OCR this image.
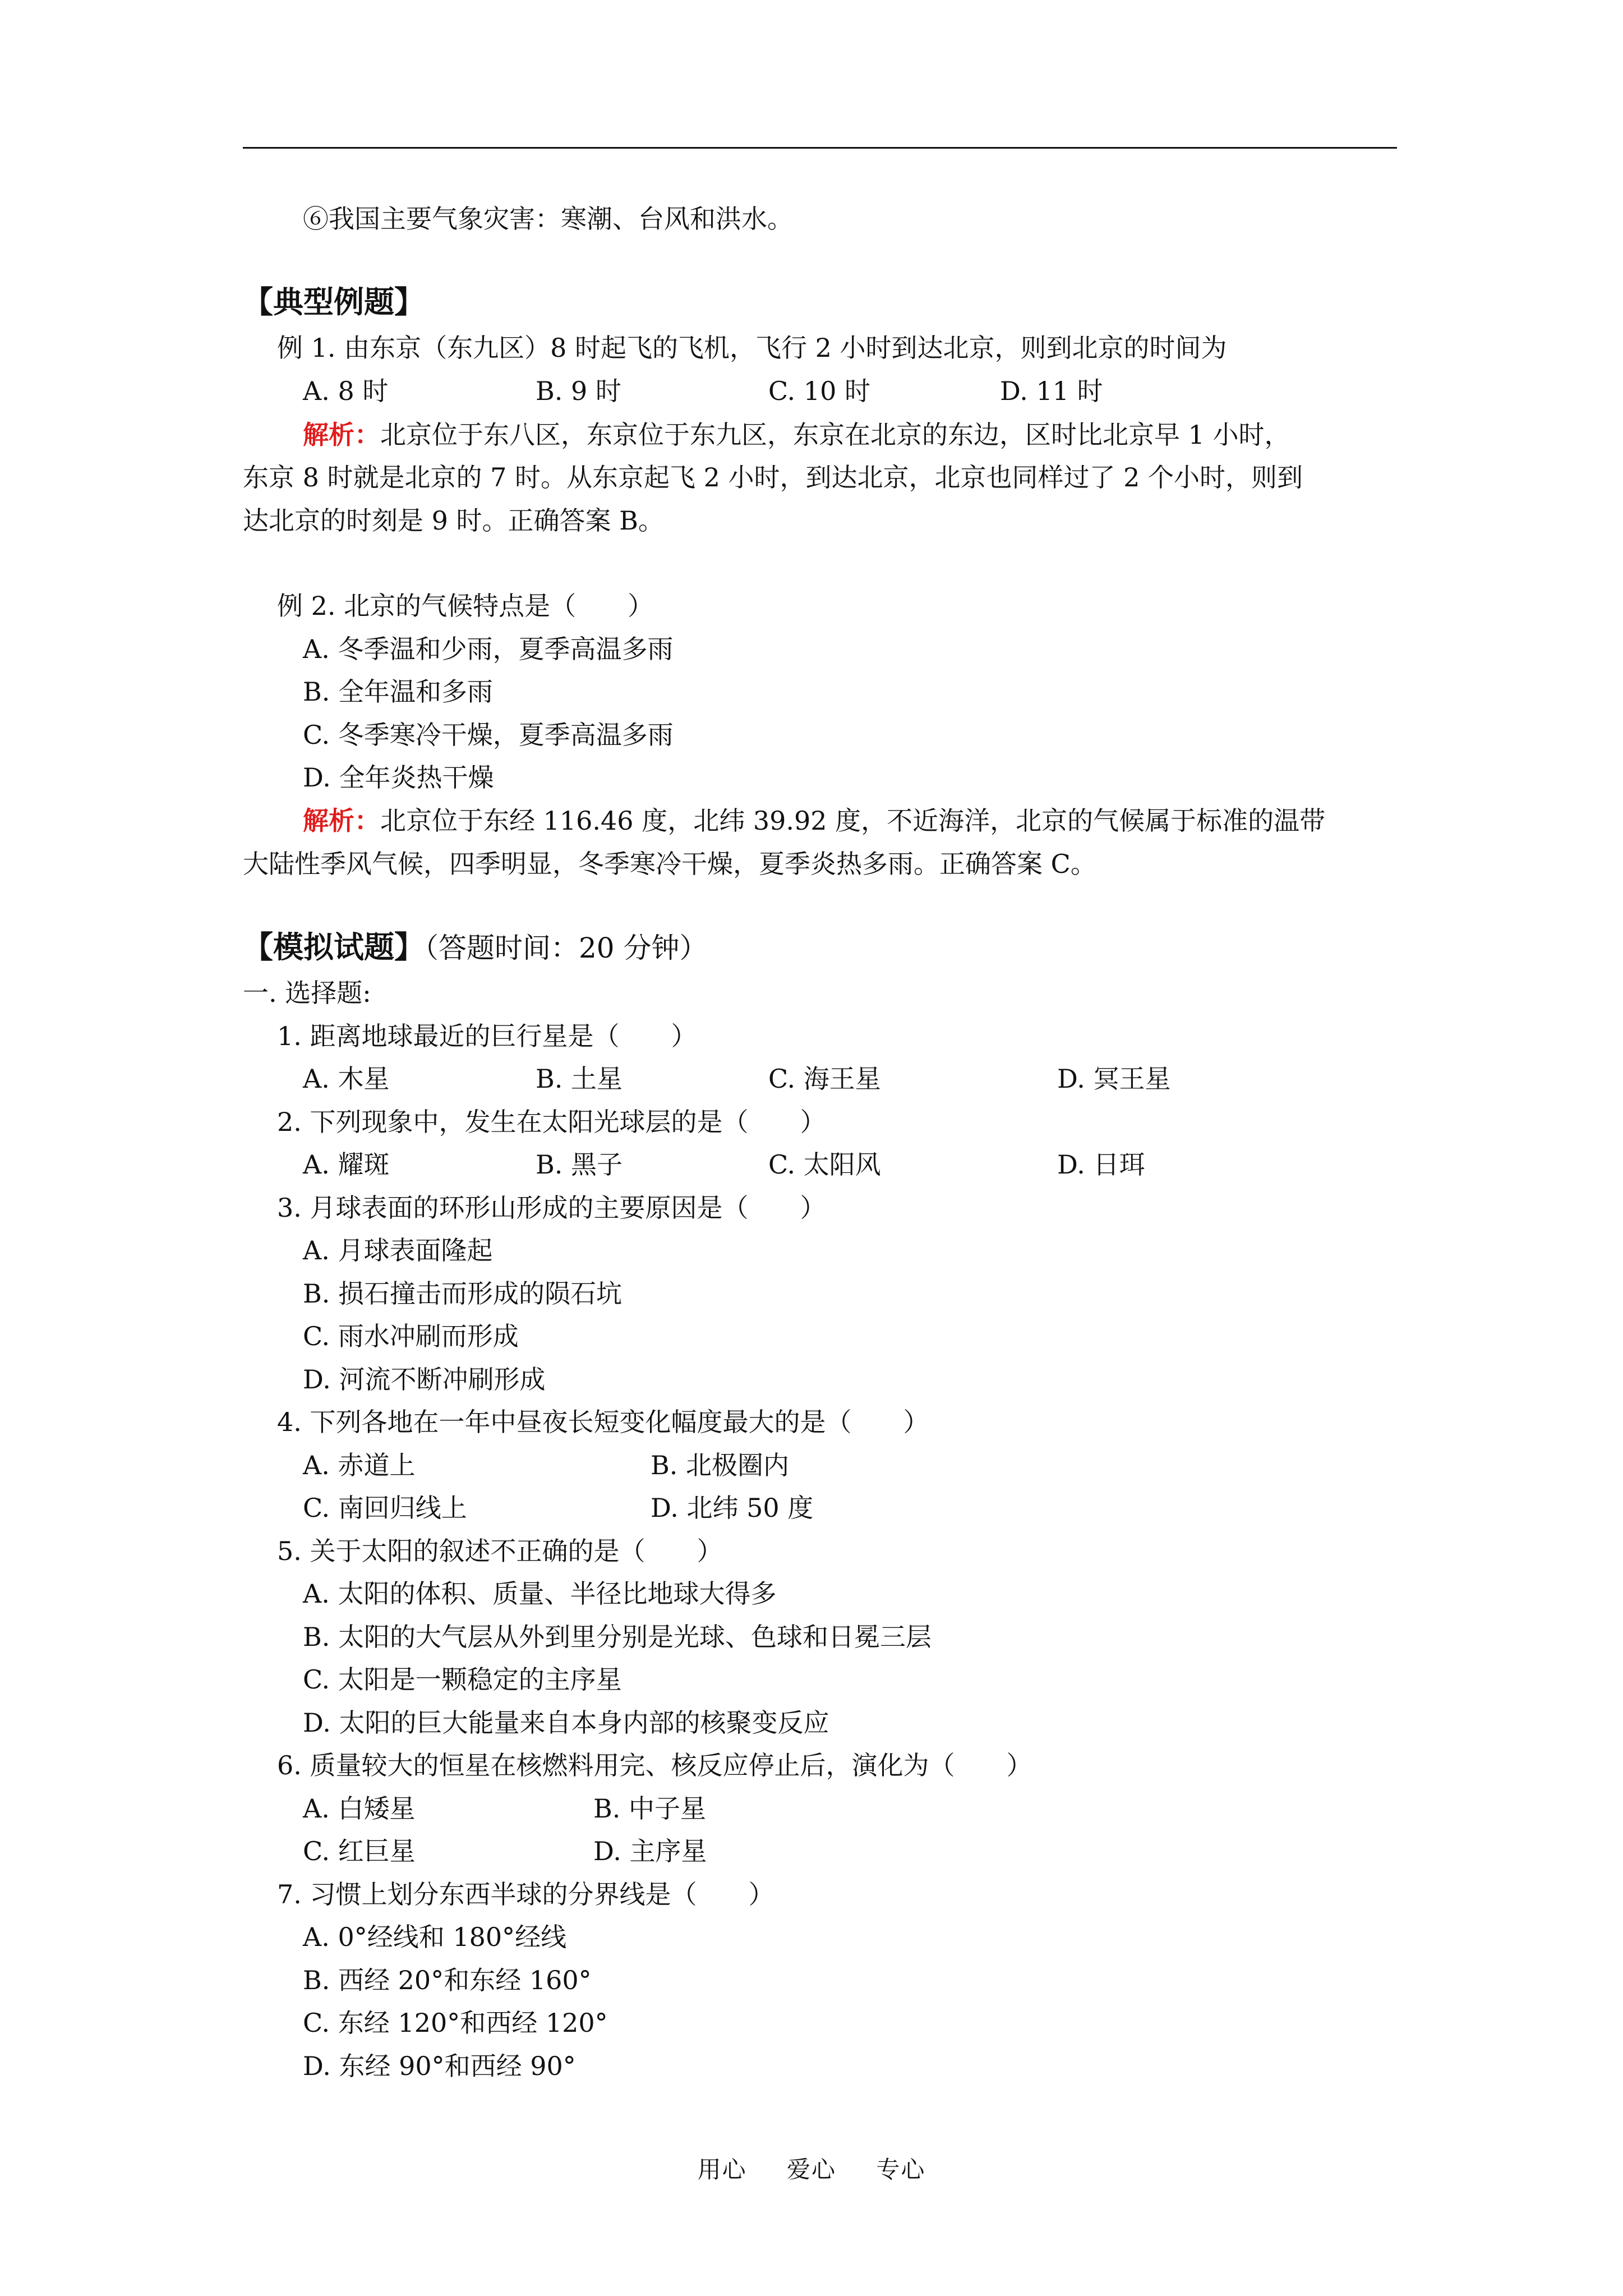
⑥我国主要气象灾害：寒潮、台风和洪水。
【典型例题】
例 1. 由东京（东九区）8 时起飞的飞机，飞行 2 小时到达北京，则到北京的时间为
A. 8 时	B. 9 时	C. 10 时	D. 11 时
解析：北京位于东八区，东京位于东九区，东京在北京的东边，区时比北京早 1 小时，
东京 8 时就是北京的 7 时。从东京起飞 2 小时，到达北京，北京也同样过了 2 个小时，则到
达北京的时刻是 9 时。正确答案 B。
例 2. 北京的气候特点是（　　）
A. 冬季温和少雨，夏季高温多雨
B. 全年温和多雨
C. 冬季寒冷干燥，夏季高温多雨
D. 全年炎热干燥
解析：北京位于东经 116.46 度，北纬 39.92 度，不近海洋，北京的气候属于标准的温带
大陆性季风气候，四季明显，冬季寒冷干燥，夏季炎热多雨。正确答案 C。
【模拟试题】（答题时间：20 分钟）
一. 选择题:
1. 距离地球最近的巨行星是（　　）
A. 木星	B. 土星	C. 海王星	D. 冥王星
2. 下列现象中，发生在太阳光球层的是（　　）
A. 耀斑	B. 黑子	C. 太阳风	D. 日珥
3. 月球表面的环形山形成的主要原因是（　　）
A. 月球表面隆起
B. 损石撞击而形成的陨石坑
C. 雨水冲刷而形成
D. 河流不断冲刷形成
4. 下列各地在一年中昼夜长短变化幅度最大的是（　　）
A. 赤道上	B. 北极圈内
C. 南回归线上	D. 北纬 50 度
5. 关于太阳的叙述不正确的是（　　）
A. 太阳的体积、质量、半径比地球大得多
B. 太阳的大气层从外到里分别是光球、色球和日冕三层
C. 太阳是一颗稳定的主序星
D. 太阳的巨大能量来自本身内部的核聚变反应
6. 质量较大的恒星在核燃料用完、核反应停止后，演化为（　　）
A. 白矮星	B. 中子星
C. 红巨星	D. 主序星
7. 习惯上划分东西半球的分界线是（　　）
A. 0°经线和 180°经线
B. 西经 20°和东经 160°
C. 东经 120°和西经 120°
D. 东经 90°和西经 90°
用心 爱心 专心
